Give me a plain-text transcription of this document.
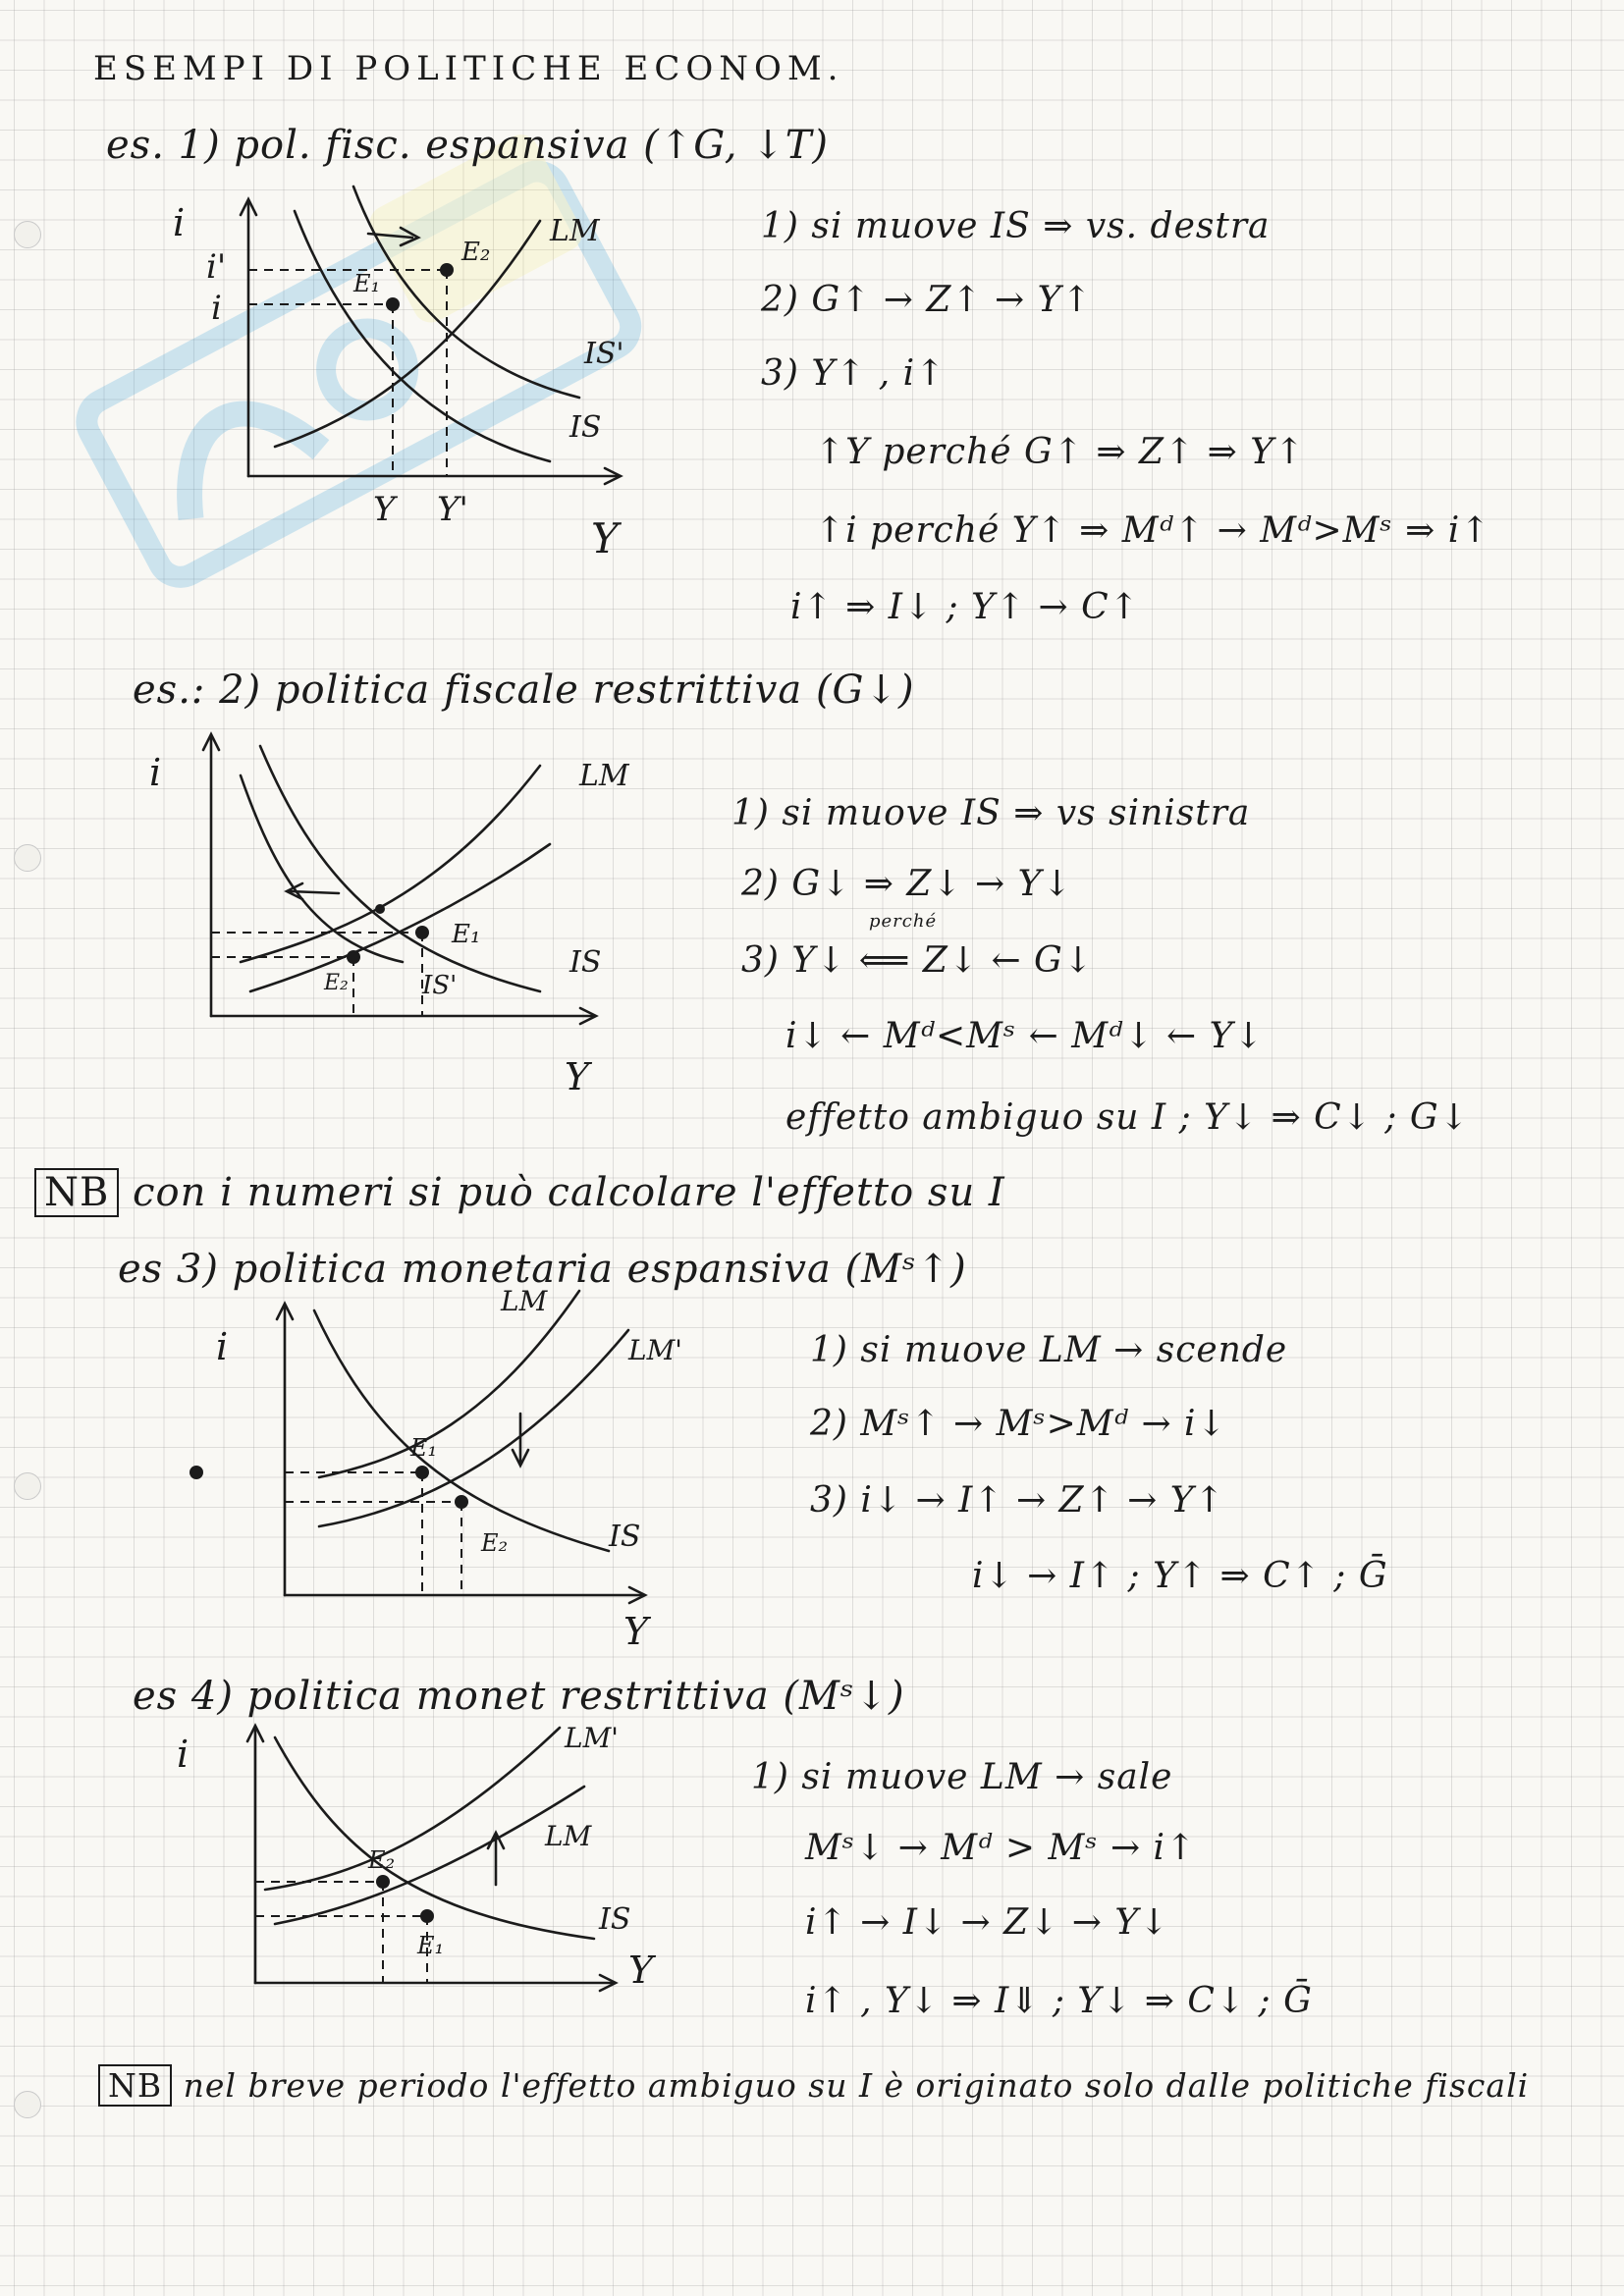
ESEMPI DI POLITICHE ECONOM.
es. 1) pol. fisc. espansiva (↑G, ↓T)
i
Y
i'
i
Y Y'
LM
IS'
IS
E₁
E₂
1) si muove IS ⇒ vs. destra
2) G↑ → Z↑ → Y↑
3) Y↑ , i↑
↑Y perché G↑ ⇒ Z↑ ⇒ Y↑
↑i perché Y↑ ⇒ Mᵈ↑ → Mᵈ>Mˢ ⇒ i↑
i↑ ⇒ I↓ ; Y↑ → C↑
es.: 2) politica fiscale restrittiva (G↓)
i
Y
LM
IS
IS'
E₁
E₂
1) si muove IS ⇒ vs sinistra
2) G↓ ⇒ Z↓ → Y↓
perché
3) Y↓ ⟸ Z↓ ← G↓
i↓ ← Mᵈ<Mˢ ← Mᵈ↓ ← Y↓
effetto ambiguo su I ; Y↓ ⇒ C↓ ; G↓
NB con i numeri si può calcolare l'effetto su I
es 3) politica monetaria espansiva (Mˢ↑)
i
Y
LM
LM'
IS
E₁
E₂
1) si muove LM → scende
2) Mˢ↑ → Mˢ>Mᵈ → i↓
3) i↓ → I↑ → Z↑ → Y↑
i↓ → I↑ ; Y↑ ⇒ C↑ ; Ḡ
es 4) politica monet restrittiva (Mˢ↓)
i
Y
LM'
LM
IS
E₂
E₁
1) si muove LM → sale
Mˢ↓ → Mᵈ > Mˢ → i↑
i↑ → I↓ → Z↓ → Y↓
i↑ , Y↓ ⇒ I⇓ ; Y↓ ⇒ C↓ ; Ḡ
NB nel breve periodo l'effetto ambiguo su I è originato solo dalle politiche fiscali
